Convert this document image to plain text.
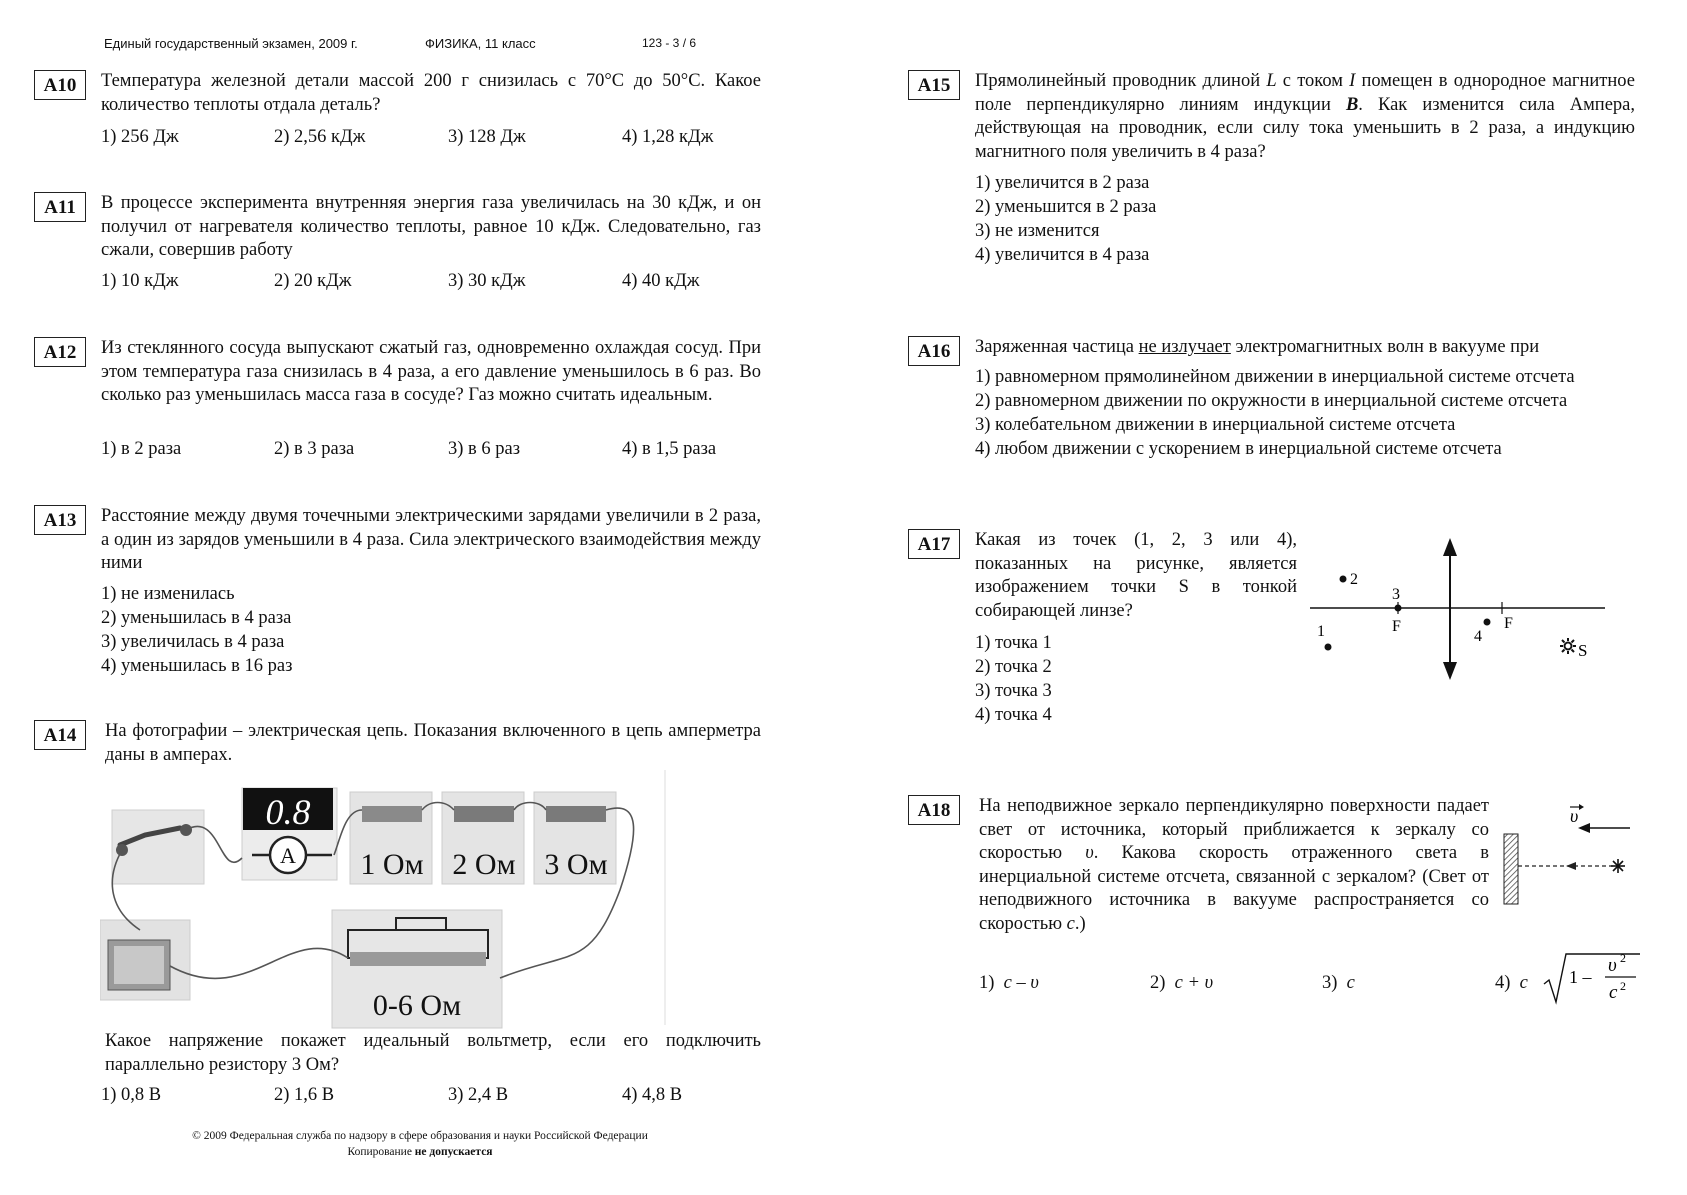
Единый государственный экзамен, 2009 г.	ФИЗИКА, 11 класс	123 - 3 / 6
A10	Температура железной детали массой 200 г снизилась с 70°C до 50°C. Какое количество теплоты отдала деталь?
1) 256 Дж	2) 2,56 кДж	3) 128 Дж	4) 1,28 кДж
A11	В процессе эксперимента внутренняя энергия газа увеличилась на 30 кДж, и он получил от нагревателя количество теплоты, равное 10 кДж. Следовательно, газ сжали, совершив работу
1) 10 кДж	2) 20 кДж	3) 30 кДж	4) 40 кДж
A12	Из стеклянного сосуда выпускают сжатый газ, одновременно охлаждая сосуд. При этом температура газа снизилась в 4 раза, а его давление уменьшилось в 6 раз. Во сколько раз уменьшилась масса газа в сосуде? Газ можно считать идеальным.
1) в 2 раза	2) в 3 раза	3) в 6 раз	4) в 1,5 раза
A13	Расстояние между двумя точечными электрическими зарядами увеличили в 2 раза, а один из зарядов уменьшили в 4 раза. Сила электрического взаимодействия между ними
1) не изменилась
2) уменьшилась в 4 раза
3) увеличилась в 4 раза
4) уменьшилась в 16 раз
A14	На фотографии – электрическая цепь. Показания включенного в цепь амперметра даны в амперах.
0.8
A 1 Ом 2 Ом 3 Ом
0-6 Ом
Какое напряжение покажет идеальный вольтметр, если его подключить параллельно резистору 3 Ом?
1) 0,8 В	2) 1,6 В	3) 2,4 В	4) 4,8 В
© 2009 Федеральная служба по надзору в сфере образования и науки Российской Федерации
Копирование не допускается
A15	Прямолинейный проводник длиной L с током I помещен в однородное магнитное поле перпендикулярно линиям индукции B. Как изменится сила Ампера, действующая на проводник, если силу тока уменьшить в 2 раза, а индукцию магнитного поля увеличить в 4 раза?
1) увеличится в 2 раза
2) уменьшится в 2 раза
3) не изменится
4) увеличится в 4 раза
A16	Заряженная частица не излучает электромагнитных волн в вакууме при
1) равномерном прямолинейном движении в инерциальной системе отсчета
2) равномерном движении по окружности в инерциальной системе отсчета
3) колебательном движении в инерциальной системе отсчета
4) любом движении с ускорением в инерциальной системе отсчета
A17	Какая из точек (1, 2, 3 или 4), показанных на рисунке, является изображением точки S в тонкой собирающей линзе?
1) точка 1
2) точка 2
3) точка 3
4) точка 4
F	F
2
3
1	4
S
A18	На неподвижное зеркало перпендикулярно поверхности падает свет от источника, который приближается к зеркалу со скоростью υ. Какова скорость отраженного света в инерциальной системе отсчета, связанной с зеркалом? (Свет от неподвижного источника в вакууме распространяется со скоростью c.)
υ
1) c – υ	2) c + υ	3) c	4) c 1 –
υ 2
c 2
